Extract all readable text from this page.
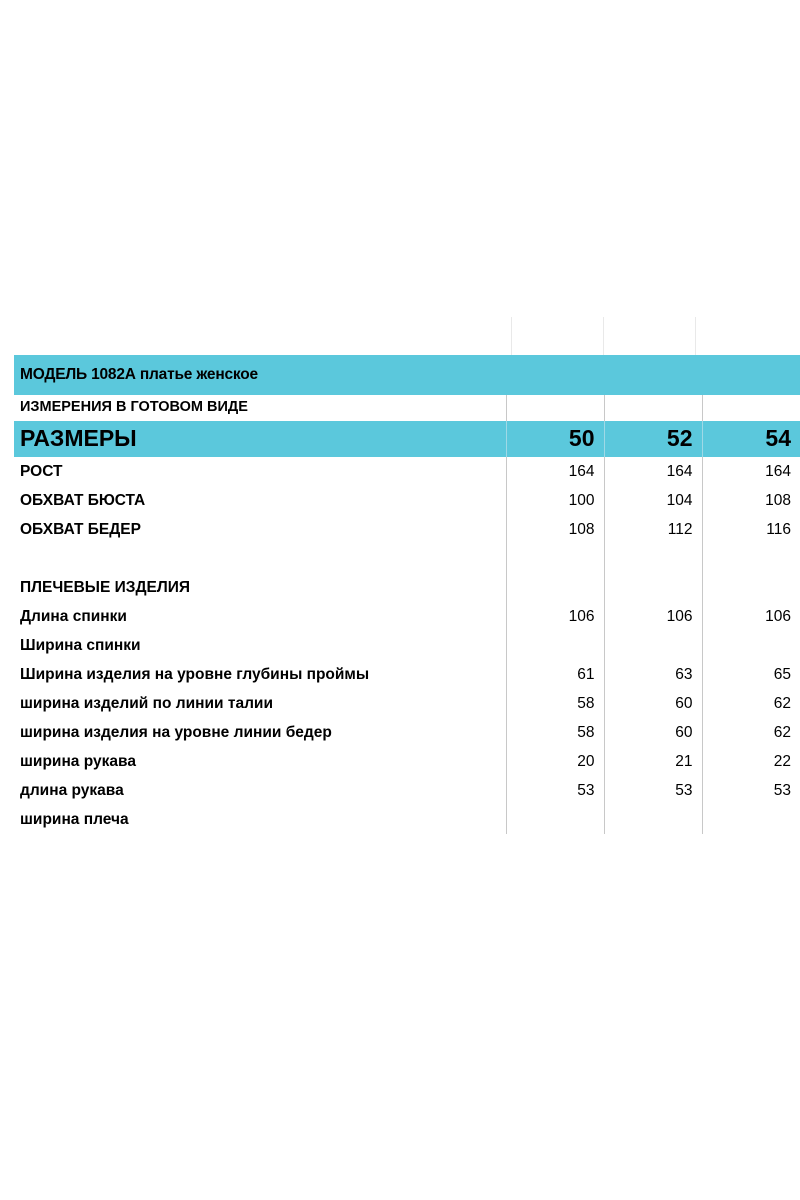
МОДЕЛЬ 1082А платье женское			
ИЗМЕРЕНИЯ В ГОТОВОМ ВИДЕ			
РАЗМЕРЫ	50	52	54
РОСТ	164	164	164
ОБХВАТ БЮСТА	100	104	108
ОБХВАТ БЕДЕР	108	112	116

ПЛЕЧЕВЫЕ ИЗДЕЛИЯ			
Длина спинки	106	106	106
Ширина спинки			
Ширина изделия на уровне глубины проймы	61	63	65
ширина изделий по линии талии	58	60	62
ширина изделия на уровне линии бедер	58	60	62
ширина рукава	20	21	22
длина рукава	53	53	53
ширина плеча			
